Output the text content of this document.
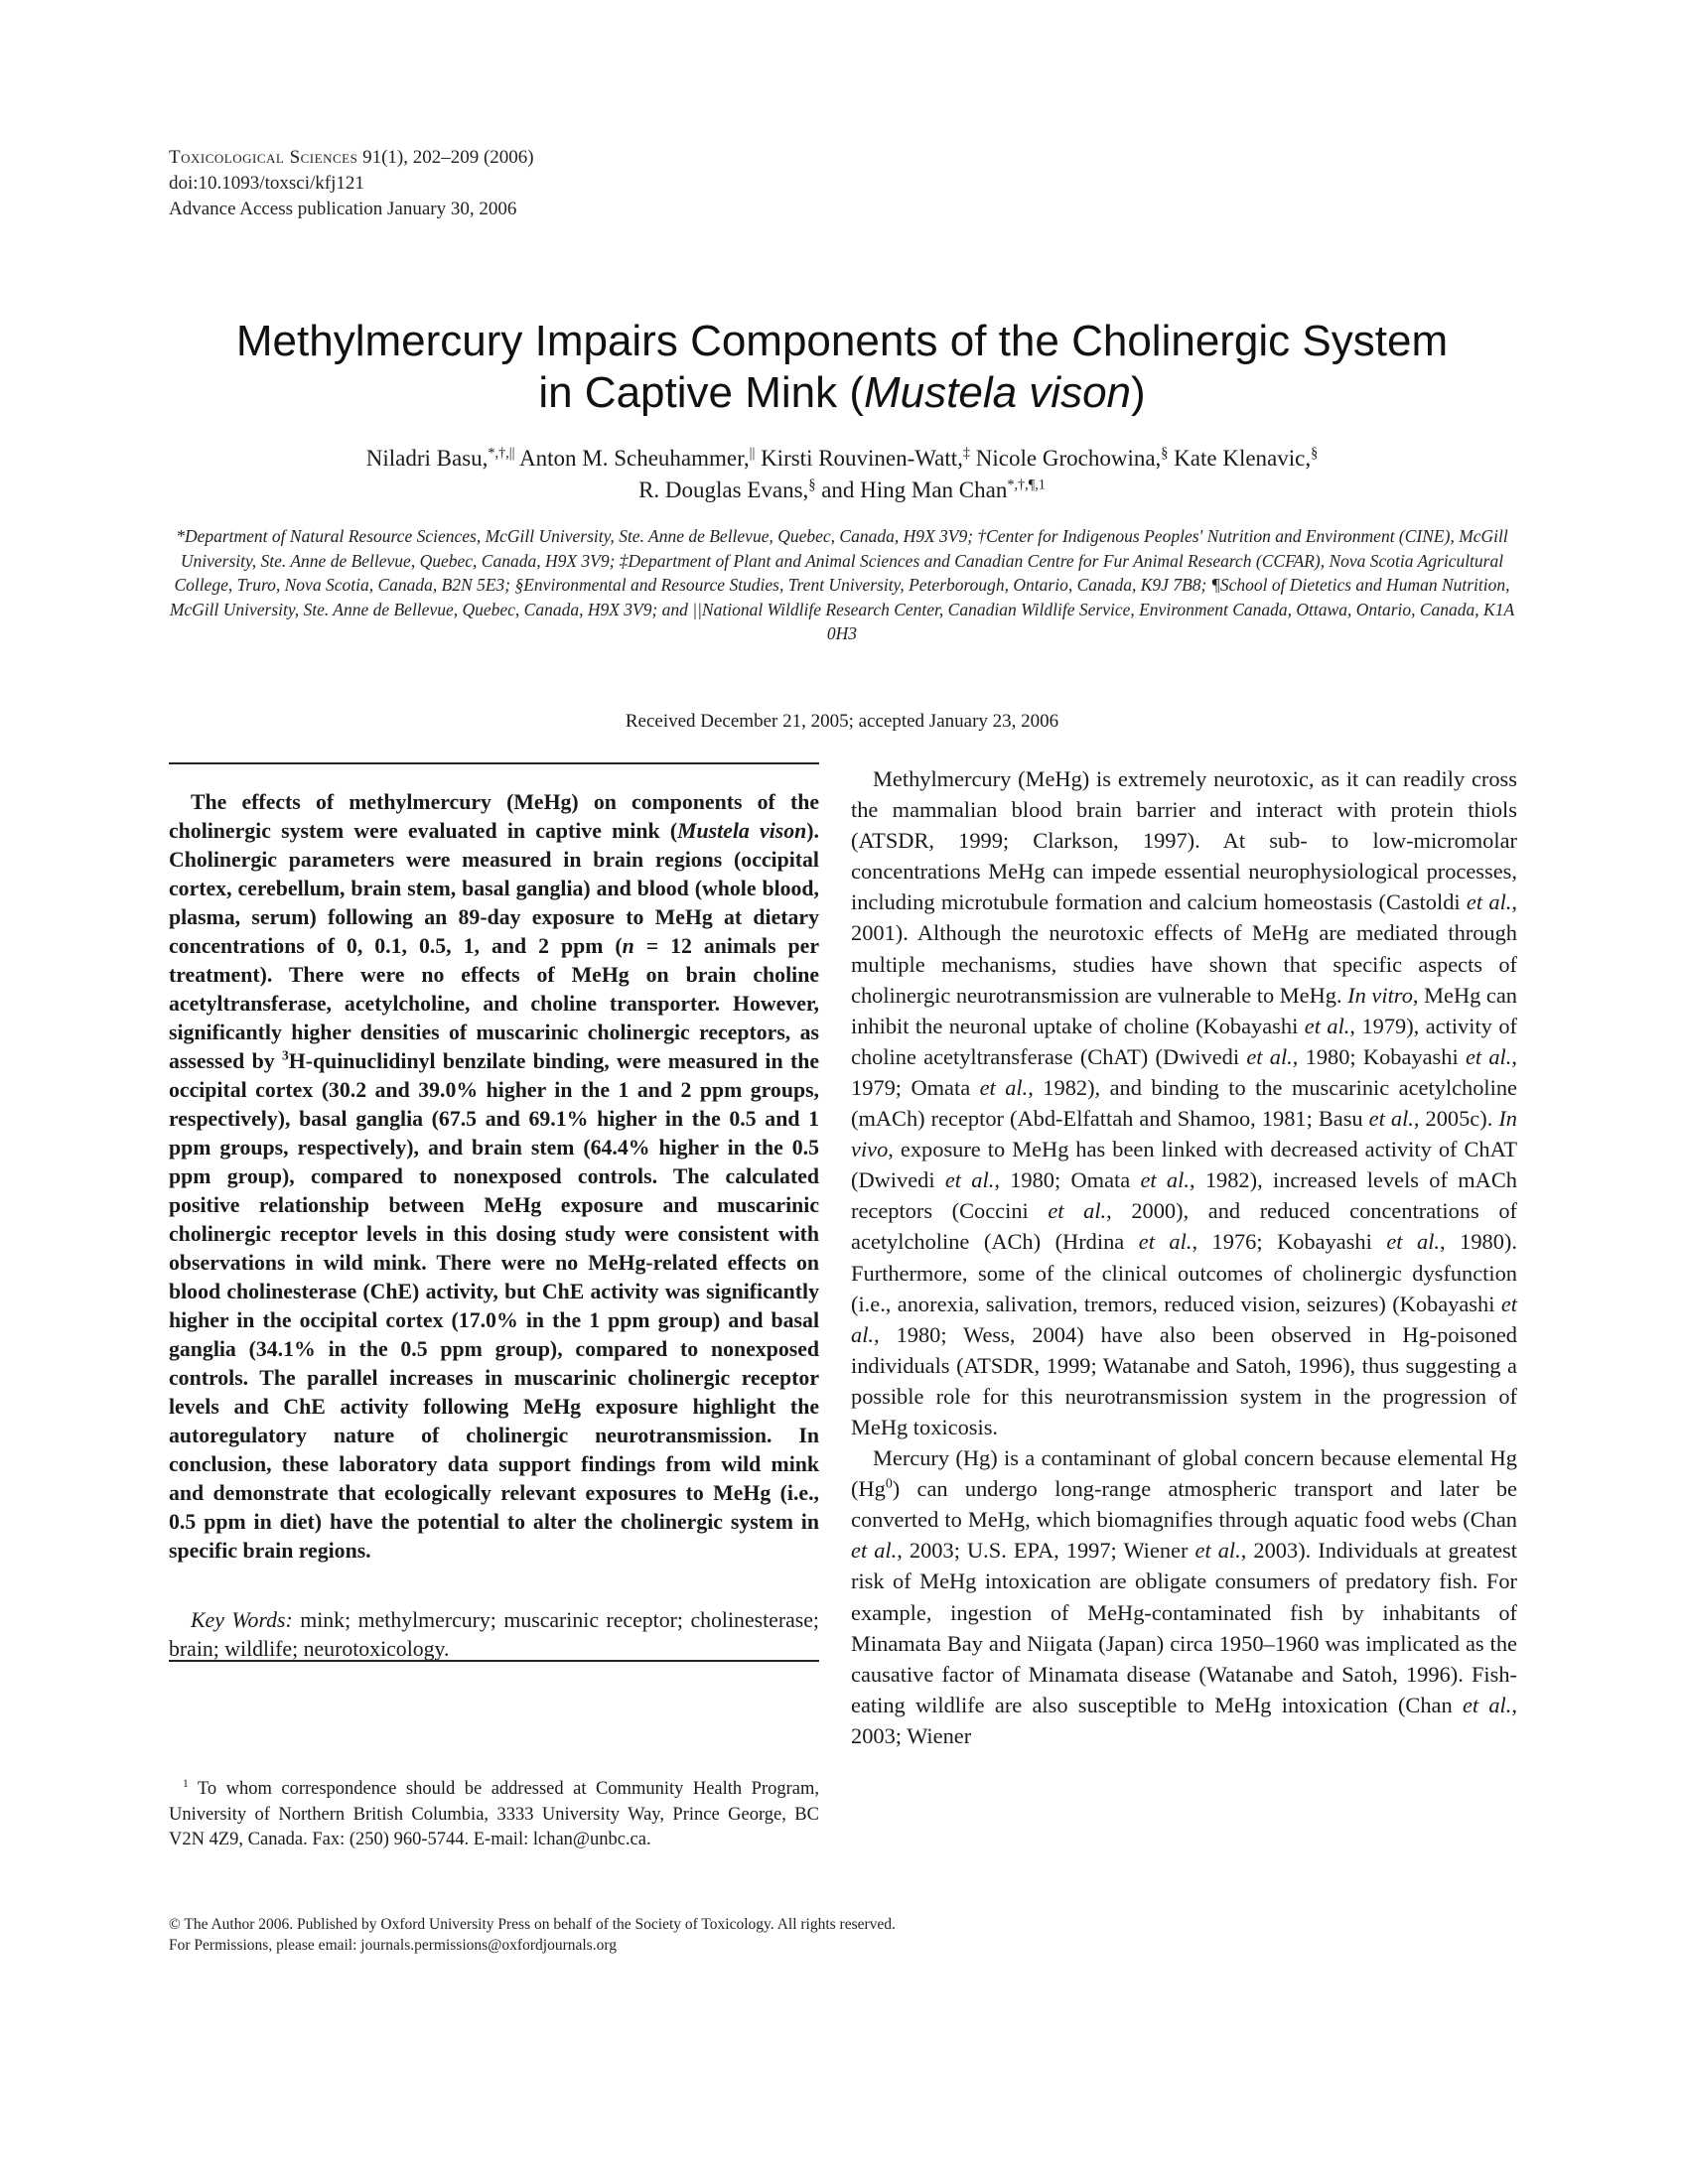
Toxicological Sciences 91(1), 202–209 (2006)
doi:10.1093/toxsci/kfj121
Advance Access publication January 30, 2006
Methylmercury Impairs Components of the Cholinergic System
in Captive Mink (Mustela vison)
Niladri Basu,*,†,|| Anton M. Scheuhammer,|| Kirsti Rouvinen-Watt,‡ Nicole Grochowina,§ Kate Klenavic,§
R. Douglas Evans,§ and Hing Man Chan$^{*,\dagger,\P,1}$
*Department of Natural Resource Sciences, McGill University, Ste. Anne de Bellevue, Quebec, Canada, H9X 3V9; †Center for Indigenous Peoples' Nutrition and Environment (CINE), McGill University, Ste. Anne de Bellevue, Quebec, Canada, H9X 3V9; ‡Department of Plant and Animal Sciences and Canadian Centre for Fur Animal Research (CCFAR), Nova Scotia Agricultural College, Truro, Nova Scotia, Canada, B2N 5E3; §Environmental and Resource Studies, Trent University, Peterborough, Ontario, Canada, K9J 7B8; ¶School of Dietetics and Human Nutrition, McGill University, Ste. Anne de Bellevue, Quebec, Canada, H9X 3V9; and ||National Wildlife Research Center, Canadian Wildlife Service, Environment Canada, Ottawa, Ontario, Canada, K1A 0H3
Received December 21, 2005; accepted January 23, 2006
The effects of methylmercury (MeHg) on components of the cholinergic system were evaluated in captive mink (Mustela vison). Cholinergic parameters were measured in brain regions (occipital cortex, cerebellum, brain stem, basal ganglia) and blood (whole blood, plasma, serum) following an 89-day exposure to MeHg at dietary concentrations of 0, 0.1, 0.5, 1, and 2 ppm (n = 12 animals per treatment). There were no effects of MeHg on brain choline acetyltransferase, acetylcholine, and choline transporter. However, significantly higher densities of muscarinic cholinergic receptors, as assessed by $^3$H-quinuclidinyl benzilate binding, were measured in the occipital cortex (30.2 and 39.0% higher in the 1 and 2 ppm groups, respectively), basal ganglia (67.5 and 69.1% higher in the 0.5 and 1 ppm groups, respectively), and brain stem (64.4% higher in the 0.5 ppm group), compared to nonexposed controls. The calculated positive relationship between MeHg exposure and muscarinic cholinergic receptor levels in this dosing study were consistent with observations in wild mink. There were no MeHg-related effects on blood cholinesterase (ChE) activity, but ChE activity was significantly higher in the occipital cortex (17.0% in the 1 ppm group) and basal ganglia (34.1% in the 0.5 ppm group), compared to nonexposed controls. The parallel increases in muscarinic cholinergic receptor levels and ChE activity following MeHg exposure highlight the autoregulatory nature of cholinergic neurotransmission. In conclusion, these laboratory data support findings from wild mink and demonstrate that ecologically relevant exposures to MeHg (i.e., 0.5 ppm in diet) have the potential to alter the cholinergic system in specific brain regions.
Key Words: mink; methylmercury; muscarinic receptor; cholinesterase; brain; wildlife; neurotoxicology.
$^1$ To whom correspondence should be addressed at Community Health Program, University of Northern British Columbia, 3333 University Way, Prince George, BC V2N 4Z9, Canada. Fax: (250) 960-5744. E-mail: lchan@unbc.ca.

Methylmercury (MeHg) is extremely neurotoxic, as it can readily cross the mammalian blood brain barrier and interact with protein thiols (ATSDR, 1999; Clarkson, 1997). At sub- to low-micromolar concentrations MeHg can impede essential neurophysiological processes, including microtubule formation and calcium homeostasis (Castoldi et al., 2001). Although the neurotoxic effects of MeHg are mediated through multiple mechanisms, studies have shown that specific aspects of cholinergic neurotransmission are vulnerable to MeHg. In vitro, MeHg can inhibit the neuronal uptake of choline (Kobayashi et al., 1979), activity of choline acetyltransferase (ChAT) (Dwivedi et al., 1980; Kobayashi et al., 1979; Omata et al., 1982), and binding to the muscarinic acetylcholine (mACh) receptor (Abd-Elfattah and Shamoo, 1981; Basu et al., 2005c). In vivo, exposure to MeHg has been linked with decreased activity of ChAT (Dwivedi et al., 1980; Omata et al., 1982), increased levels of mACh receptors (Coccini et al., 2000), and reduced concentrations of acetylcholine (ACh) (Hrdina et al., 1976; Kobayashi et al., 1980). Furthermore, some of the clinical outcomes of cholinergic dysfunction (i.e., anorexia, salivation, tremors, reduced vision, seizures) (Kobayashi et al., 1980; Wess, 2004) have also been observed in Hg-poisoned individuals (ATSDR, 1999; Watanabe and Satoh, 1996), thus suggesting a possible role for this neurotransmission system in the progression of MeHg toxicosis.

Mercury (Hg) is a contaminant of global concern because elemental Hg (Hg$^0$) can undergo long-range atmospheric transport and later be converted to MeHg, which biomagnifies through aquatic food webs (Chan et al., 2003; U.S. EPA, 1997; Wiener et al., 2003). Individuals at greatest risk of MeHg intoxication are obligate consumers of predatory fish. For example, ingestion of MeHg-contaminated fish by inhabitants of Minamata Bay and Niigata (Japan) circa 1950–1960 was implicated as the causative factor of Minamata disease (Watanabe and Satoh, 1996). Fish-eating wildlife are also susceptible to MeHg intoxication (Chan et al., 2003; Wiener

© The Author 2006. Published by Oxford University Press on behalf of the Society of Toxicology. All rights reserved.
For Permissions, please email: journals.permissions@oxfordjournals.org
